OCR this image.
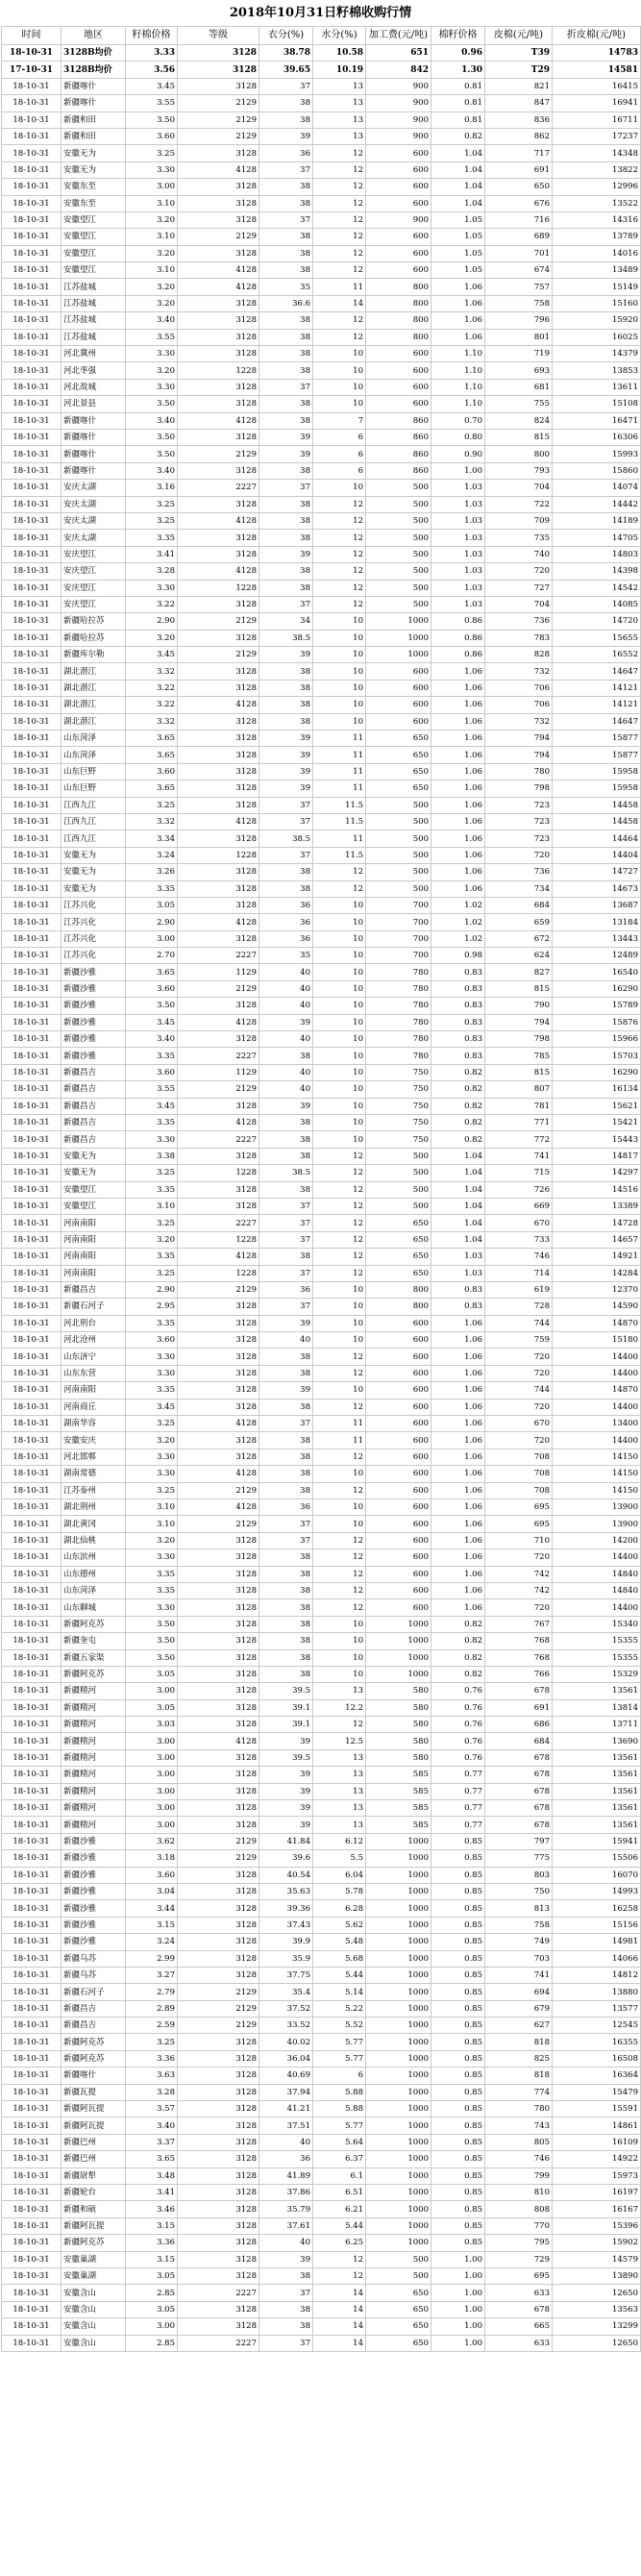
2018年10月31日籽棉收购行情
时间	地区	籽棉价格	等级	衣分(%)	水分(%)	加工费(元/吨)	棉籽价格	皮棉(元/吨)	折皮棉(元/吨)
18-10-31	3128B均价	3.33	3128	38.78	10.58	651	0.96	T39	14783
17-10-31	3128B均价	3.56	3128	39.65	10.19	842	1.30	T29	14581
18-10-31	新疆喀什	3.45	3128	37	13	900	0.81	821	16415
18-10-31	新疆喀什	3.55	2129	38	13	900	0.81	847	16941
18-10-31	新疆和田	3.50	2129	38	13	900	0.81	836	16711
18-10-31	新疆和田	3.60	2129	39	13	900	0.82	862	17237
18-10-31	安徽无为	3.25	3128	36	12	600	1.04	717	14348
18-10-31	安徽无为	3.30	4128	37	12	600	1.04	691	13822
18-10-31	安徽东至	3.00	3128	38	12	600	1.04	650	12996
18-10-31	安徽东至	3.10	3128	38	12	600	1.04	676	13522
18-10-31	安徽望江	3.20	3128	37	12	900	1.05	716	14316
18-10-31	安徽望江	3.10	2129	38	12	600	1.05	689	13789
18-10-31	安徽望江	3.20	3128	38	12	600	1.05	701	14016
18-10-31	安徽望江	3.10	4128	38	12	600	1.05	674	13489
18-10-31	江苏盐城	3.20	4128	35	11	800	1.06	757	15149
18-10-31	江苏盐城	3.20	3128	36.6	14	800	1.06	758	15160
18-10-31	江苏盐城	3.40	3128	38	12	800	1.06	796	15920
18-10-31	江苏盐城	3.55	3128	38	12	800	1.06	801	16025
18-10-31	河北冀州	3.30	3128	38	10	600	1.10	719	14379
18-10-31	河北枣强	3.20	1228	38	10	600	1.10	693	13853
18-10-31	河北故城	3.30	3128	37	10	600	1.10	681	13611
18-10-31	河北景县	3.50	3128	38	10	600	1.10	755	15108
18-10-31	新疆喀什	3.40	4128	38	7	860	0.70	824	16471
18-10-31	新疆喀什	3.50	3128	39	6	860	0.80	815	16306
18-10-31	新疆喀什	3.50	2129	39	6	860	0.90	800	15993
18-10-31	新疆喀什	3.40	3128	38	6	860	1.00	793	15860
18-10-31	安庆太湖	3.16	2227	37	10	500	1.03	704	14074
18-10-31	安庆太湖	3.25	3128	38	12	500	1.03	722	14442
18-10-31	安庆太湖	3.25	4128	38	12	500	1.03	709	14189
18-10-31	安庆太湖	3.35	3128	38	12	500	1.03	735	14705
18-10-31	安庆望江	3.41	3128	39	12	500	1.03	740	14803
18-10-31	安庆望江	3.28	4128	38	12	500	1.03	720	14398
18-10-31	安庆望江	3.30	1228	38	12	500	1.03	727	14542
18-10-31	安庆望江	3.22	3128	37	12	500	1.03	704	14085
18-10-31	新疆哈拉苏	2.90	2129	34	10	1000	0.86	736	14720
18-10-31	新疆哈拉苏	3.20	3128	38.5	10	1000	0.86	783	15655
18-10-31	新疆库尔勒	3.45	2129	39	10	1000	0.86	828	16552
18-10-31	湖北潜江	3.32	3128	38	10	600	1.06	732	14647
18-10-31	湖北潜江	3.22	3128	38	10	600	1.06	706	14121
18-10-31	湖北潜江	3.22	4128	38	10	600	1.06	706	14121
18-10-31	湖北潜江	3.32	3128	38	10	600	1.06	732	14647
18-10-31	山东菏泽	3.65	3128	39	11	650	1.06	794	15877
18-10-31	山东菏泽	3.65	3128	39	11	650	1.06	794	15877
18-10-31	山东巨野	3.60	3128	39	11	650	1.06	780	15958
18-10-31	山东巨野	3.65	3128	39	11	650	1.06	798	15958
18-10-31	江西九江	3.25	3128	37	11.5	500	1.06	723	14458
18-10-31	江西九江	3.32	4128	37	11.5	500	1.06	723	14458
18-10-31	江西九江	3.34	3128	38.5	11	500	1.06	723	14464
18-10-31	安徽无为	3.24	1228	37	11.5	500	1.06	720	14404
18-10-31	安徽无为	3.26	3128	38	12	500	1.06	736	14727
18-10-31	安徽无为	3.35	3128	38	12	500	1.06	734	14673
18-10-31	江苏兴化	3.05	3128	36	10	700	1.02	684	13687
18-10-31	江苏兴化	2.90	4128	36	10	700	1.02	659	13184
18-10-31	江苏兴化	3.00	3128	36	10	700	1.02	672	13443
18-10-31	江苏兴化	2.70	2227	35	10	700	0.98	624	12489
18-10-31	新疆沙雅	3.65	1129	40	10	780	0.83	827	16540
18-10-31	新疆沙雅	3.60	2129	40	10	780	0.83	815	16290
18-10-31	新疆沙雅	3.50	3128	40	10	780	0.83	790	15789
18-10-31	新疆沙雅	3.45	4128	39	10	780	0.83	794	15876
18-10-31	新疆沙雅	3.40	3128	40	10	780	0.83	798	15966
18-10-31	新疆沙雅	3.35	2227	38	10	780	0.83	785	15703
18-10-31	新疆昌吉	3.60	1129	40	10	750	0.82	815	16290
18-10-31	新疆昌吉	3.55	2129	40	10	750	0.82	807	16134
18-10-31	新疆昌吉	3.45	3128	39	10	750	0.82	781	15621
18-10-31	新疆昌吉	3.35	4128	38	10	750	0.82	771	15421
18-10-31	新疆昌吉	3.30	2227	38	10	750	0.82	772	15443
18-10-31	安徽无为	3.38	3128	38	12	500	1.04	741	14817
18-10-31	安徽无为	3.25	1228	38.5	12	500	1.04	715	14297
18-10-31	安徽望江	3.35	3128	38	12	500	1.04	726	14516
18-10-31	安徽望江	3.10	3128	37	12	500	1.04	669	13389
18-10-31	河南南阳	3.25	2227	37	12	650	1.04	670	14728
18-10-31	河南南阳	3.20	1228	37	12	650	1.04	733	14657
18-10-31	河南南阳	3.35	4128	38	12	650	1.03	746	14921
18-10-31	河南南阳	3.25	1228	37	12	650	1.03	714	14284
18-10-31	新疆昌吉	2.90	2129	36	10	800	0.83	619	12370
18-10-31	新疆石河子	2.95	3128	37	10	800	0.83	728	14590
18-10-31	河北刑台	3.35	3128	39	10	600	1.06	744	14870
18-10-31	河北沧州	3.60	3128	40	10	600	1.06	759	15180
18-10-31	山东济宁	3.30	3128	38	12	600	1.06	720	14400
18-10-31	山东东营	3.30	3128	38	12	600	1.06	720	14400
18-10-31	河南南阳	3.35	3128	39	10	600	1.06	744	14870
18-10-31	河南商丘	3.45	3128	38	12	600	1.06	720	14400
18-10-31	湖南华容	3.25	4128	37	11	600	1.06	670	13400
18-10-31	安徽安庆	3.20	3128	38	11	600	1.06	720	14400
18-10-31	河北邯郸	3.30	3128	38	12	600	1.06	708	14150
18-10-31	湖南常德	3.30	4128	38	10	600	1.06	708	14150
18-10-31	江苏泰州	3.25	2129	38	12	600	1.06	708	14150
18-10-31	湖北荆州	3.10	4128	36	10	600	1.06	695	13900
18-10-31	湖北黄冈	3.10	2129	37	10	600	1.06	695	13900
18-10-31	湖北仙桃	3.20	3128	37	12	600	1.06	710	14200
18-10-31	山东滨州	3.30	3128	38	12	600	1.06	720	14400
18-10-31	山东德州	3.35	3128	38	12	600	1.06	742	14840
18-10-31	山东菏泽	3.35	3128	38	12	600	1.06	742	14840
18-10-31	山东聊城	3.30	3128	38	12	600	1.06	720	14400
18-10-31	新疆阿克苏	3.50	3128	38	10	1000	0.82	767	15340
18-10-31	新疆奎屯	3.50	3128	38	10	1000	0.82	768	15355
18-10-31	新疆五家渠	3.50	3128	38	10	1000	0.82	768	15355
18-10-31	新疆阿克苏	3.05	3128	38	10	1000	0.82	766	15329
18-10-31	新疆精河	3.00	3128	39.5	13	580	0.76	678	13561
18-10-31	新疆精河	3.05	3128	39.1	12.2	580	0.76	691	13814
18-10-31	新疆精河	3.03	3128	39.1	12	580	0.76	686	13711
18-10-31	新疆精河	3.00	4128	39	12.5	580	0.76	684	13690
18-10-31	新疆精河	3.00	3128	39.5	13	580	0.76	678	13561
18-10-31	新疆精河	3.00	3128	39	13	585	0.77	678	13561
18-10-31	新疆精河	3.00	3128	39	13	585	0.77	678	13561
18-10-31	新疆精河	3.00	3128	39	13	585	0.77	678	13561
18-10-31	新疆精河	3.00	3128	39	13	585	0.77	678	13561
18-10-31	新疆沙雅	3.62	2129	41.84	6.12	1000	0.85	797	15941
18-10-31	新疆沙雅	3.18	2129	39.6	5.5	1000	0.85	775	15506
18-10-31	新疆沙雅	3.60	3128	40.54	6.04	1000	0.85	803	16070
18-10-31	新疆沙雅	3.04	3128	35.63	5.78	1000	0.85	750	14993
18-10-31	新疆沙雅	3.44	3128	39.36	6.28	1000	0.85	813	16258
18-10-31	新疆沙雅	3.15	3128	37.43	5.62	1000	0.85	758	15156
18-10-31	新疆沙雅	3.24	3128	39.9	5.48	1000	0.85	749	14981
18-10-31	新疆乌苏	2.99	3128	35.9	5.68	1000	0.85	703	14066
18-10-31	新疆乌苏	3.27	3128	37.75	5.44	1000	0.85	741	14812
18-10-31	新疆石河子	2.79	2129	35.4	5.14	1000	0.85	694	13880
18-10-31	新疆昌吉	2.89	2129	37.52	5.22	1000	0.85	679	13577
18-10-31	新疆昌吉	2.59	2129	33.52	5.52	1000	0.85	627	12545
18-10-31	新疆阿克苏	3.25	3128	40.02	5.77	1000	0.85	818	16355
18-10-31	新疆阿克苏	3.36	3128	36.04	5.77	1000	0.85	825	16508
18-10-31	新疆喀什	3.63	3128	40.69	6	1000	0.85	818	16364
18-10-31	新疆瓦提	3.28	3128	37.94	5.88	1000	0.85	774	15479
18-10-31	新疆阿瓦提	3.57	3128	41.21	5.88	1000	0.85	780	15591
18-10-31	新疆阿瓦提	3.40	3128	37.51	5.77	1000	0.85	743	14861
18-10-31	新疆巴州	3.37	3128	40	5.64	1000	0.85	805	16109
18-10-31	新疆巴州	3.65	3128	36	6.37	1000	0.85	746	14922
18-10-31	新疆尉犁	3.48	3128	41.89	6.1	1000	0.85	799	15973
18-10-31	新疆轮台	3.41	3128	37.86	6.51	1000	0.85	810	16197
18-10-31	新疆和硕	3.46	3128	35.79	6.21	1000	0.85	808	16167
18-10-31	新疆阿瓦提	3.15	3128	37.61	5.44	1000	0.85	770	15396
18-10-31	新疆阿克苏	3.36	3128	40	6.25	1000	0.85	795	15902
18-10-31	安徽巢湖	3.15	3128	39	12	500	1.00	729	14579
18-10-31	安徽巢湖	3.05	3128	38	12	500	1.00	695	13890
18-10-31	安徽含山	2.85	2227	37	14	650	1.00	633	12650
18-10-31	安徽含山	3.05	3128	38	14	650	1.00	678	13563
18-10-31	安徽含山	3.00	3128	38	14	650	1.00	665	13299
18-10-31	安徽含山	2.85	2227	37	14	650	1.00	633	12650
